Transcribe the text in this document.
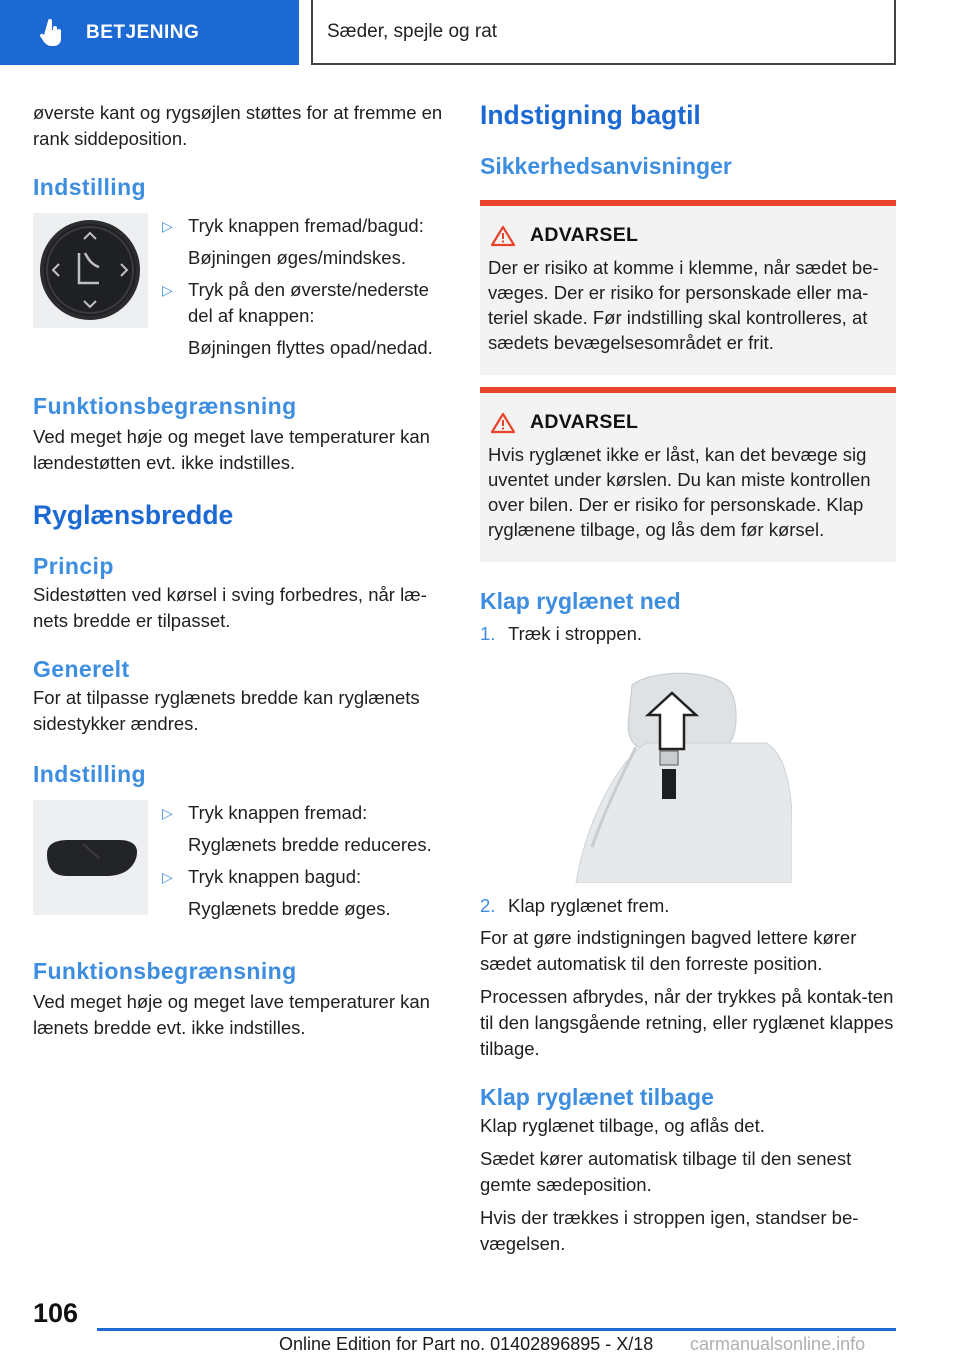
BETJENING	Sæder, spejle og rat
øverste kant og rygsøjlen støttes for at fremme en rank siddeposition.
Indstilling
▷ Tryk knappen fremad/bagud:
Bøjningen øges/mindskes.
▷ Tryk på den øverste/nederste del af knappen:
Bøjningen flyttes opad/nedad.
Funktionsbegrænsning
Ved meget høje og meget lave temperaturer kan lændestøtten evt. ikke indstilles.
Ryglænsbredde
Princip
Sidestøtten ved kørsel i sving forbedres, når læ-nets bredde er tilpasset.
Generelt
For at tilpasse ryglænets bredde kan ryglænets sidestykker ændres.
Indstilling
▷ Tryk knappen fremad:
Ryglænets bredde reduceres.
▷ Tryk knappen bagud:
Ryglænets bredde øges.
Funktionsbegrænsning
Ved meget høje og meget lave temperaturer kan lænets bredde evt. ikke indstilles.
Indstigning bagtil
Sikkerhedsanvisninger
ADVARSEL
Der er risiko at komme i klemme, når sædet be-væges. Der er risiko for personskade eller ma-teriel skade. Før indstilling skal kontrolleres, at sædets bevægelsesområdet er frit.
ADVARSEL
Hvis ryglænet ikke er låst, kan det bevæge sig uventet under kørslen. Du kan miste kontrollen over bilen. Der er risiko for personskade. Klap ryglænene tilbage, og lås dem før kørsel.
Klap ryglænet ned
1. Træk i stroppen.
2. Klap ryglænet frem.
For at gøre indstigningen bagved lettere kører sædet automatisk til den forreste position.
Processen afbrydes, når der trykkes på kontak-ten til den langsgående retning, eller ryglænet klappes tilbage.
Klap ryglænet tilbage
Klap ryglænet tilbage, og aflås det.
Sædet kører automatisk tilbage til den senest gemte sædeposition.
Hvis der trækkes i stroppen igen, standser be-vægelsen.
106
Online Edition for Part no. 01402896895 - X/18 carmanualsonline.info
